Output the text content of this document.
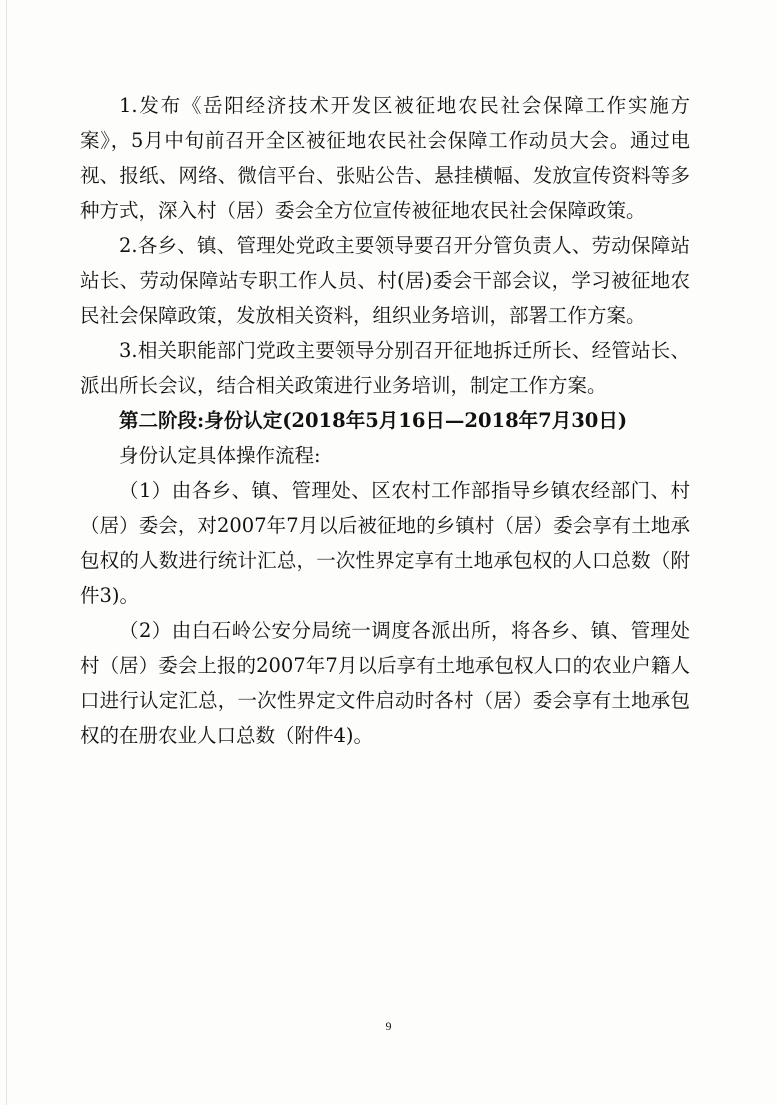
1.发布《岳阳经济技术开发区被征地农民社会保障工作实施方案》，5月中旬前召开全区被征地农民社会保障工作动员大会。通过电视、报纸、网络、微信平台、张贴公告、悬挂横幅、发放宣传资料等多种方式，深入村（居）委会全方位宣传被征地农民社会保障政策。

2.各乡、镇、管理处党政主要领导要召开分管负责人、劳动保障站站长、劳动保障站专职工作人员、村(居)委会干部会议，学习被征地农民社会保障政策，发放相关资料，组织业务培训，部署工作方案。

3.相关职能部门党政主要领导分别召开征地拆迁所长、经管站长、派出所长会议，结合相关政策进行业务培训，制定工作方案。

第二阶段:身份认定(2018年5月16日—2018年7月30日)

身份认定具体操作流程:

（1）由各乡、镇、管理处、区农村工作部指导乡镇农经部门、村（居）委会，对2007年7月以后被征地的乡镇村（居）委会享有土地承包权的人数进行统计汇总，一次性界定享有土地承包权的人口总数（附件3)。

（2）由白石岭公安分局统一调度各派出所，将各乡、镇、管理处村（居）委会上报的2007年7月以后享有土地承包权人口的农业户籍人口进行认定汇总，一次性界定文件启动时各村（居）委会享有土地承包权的在册农业人口总数（附件4)。

9
